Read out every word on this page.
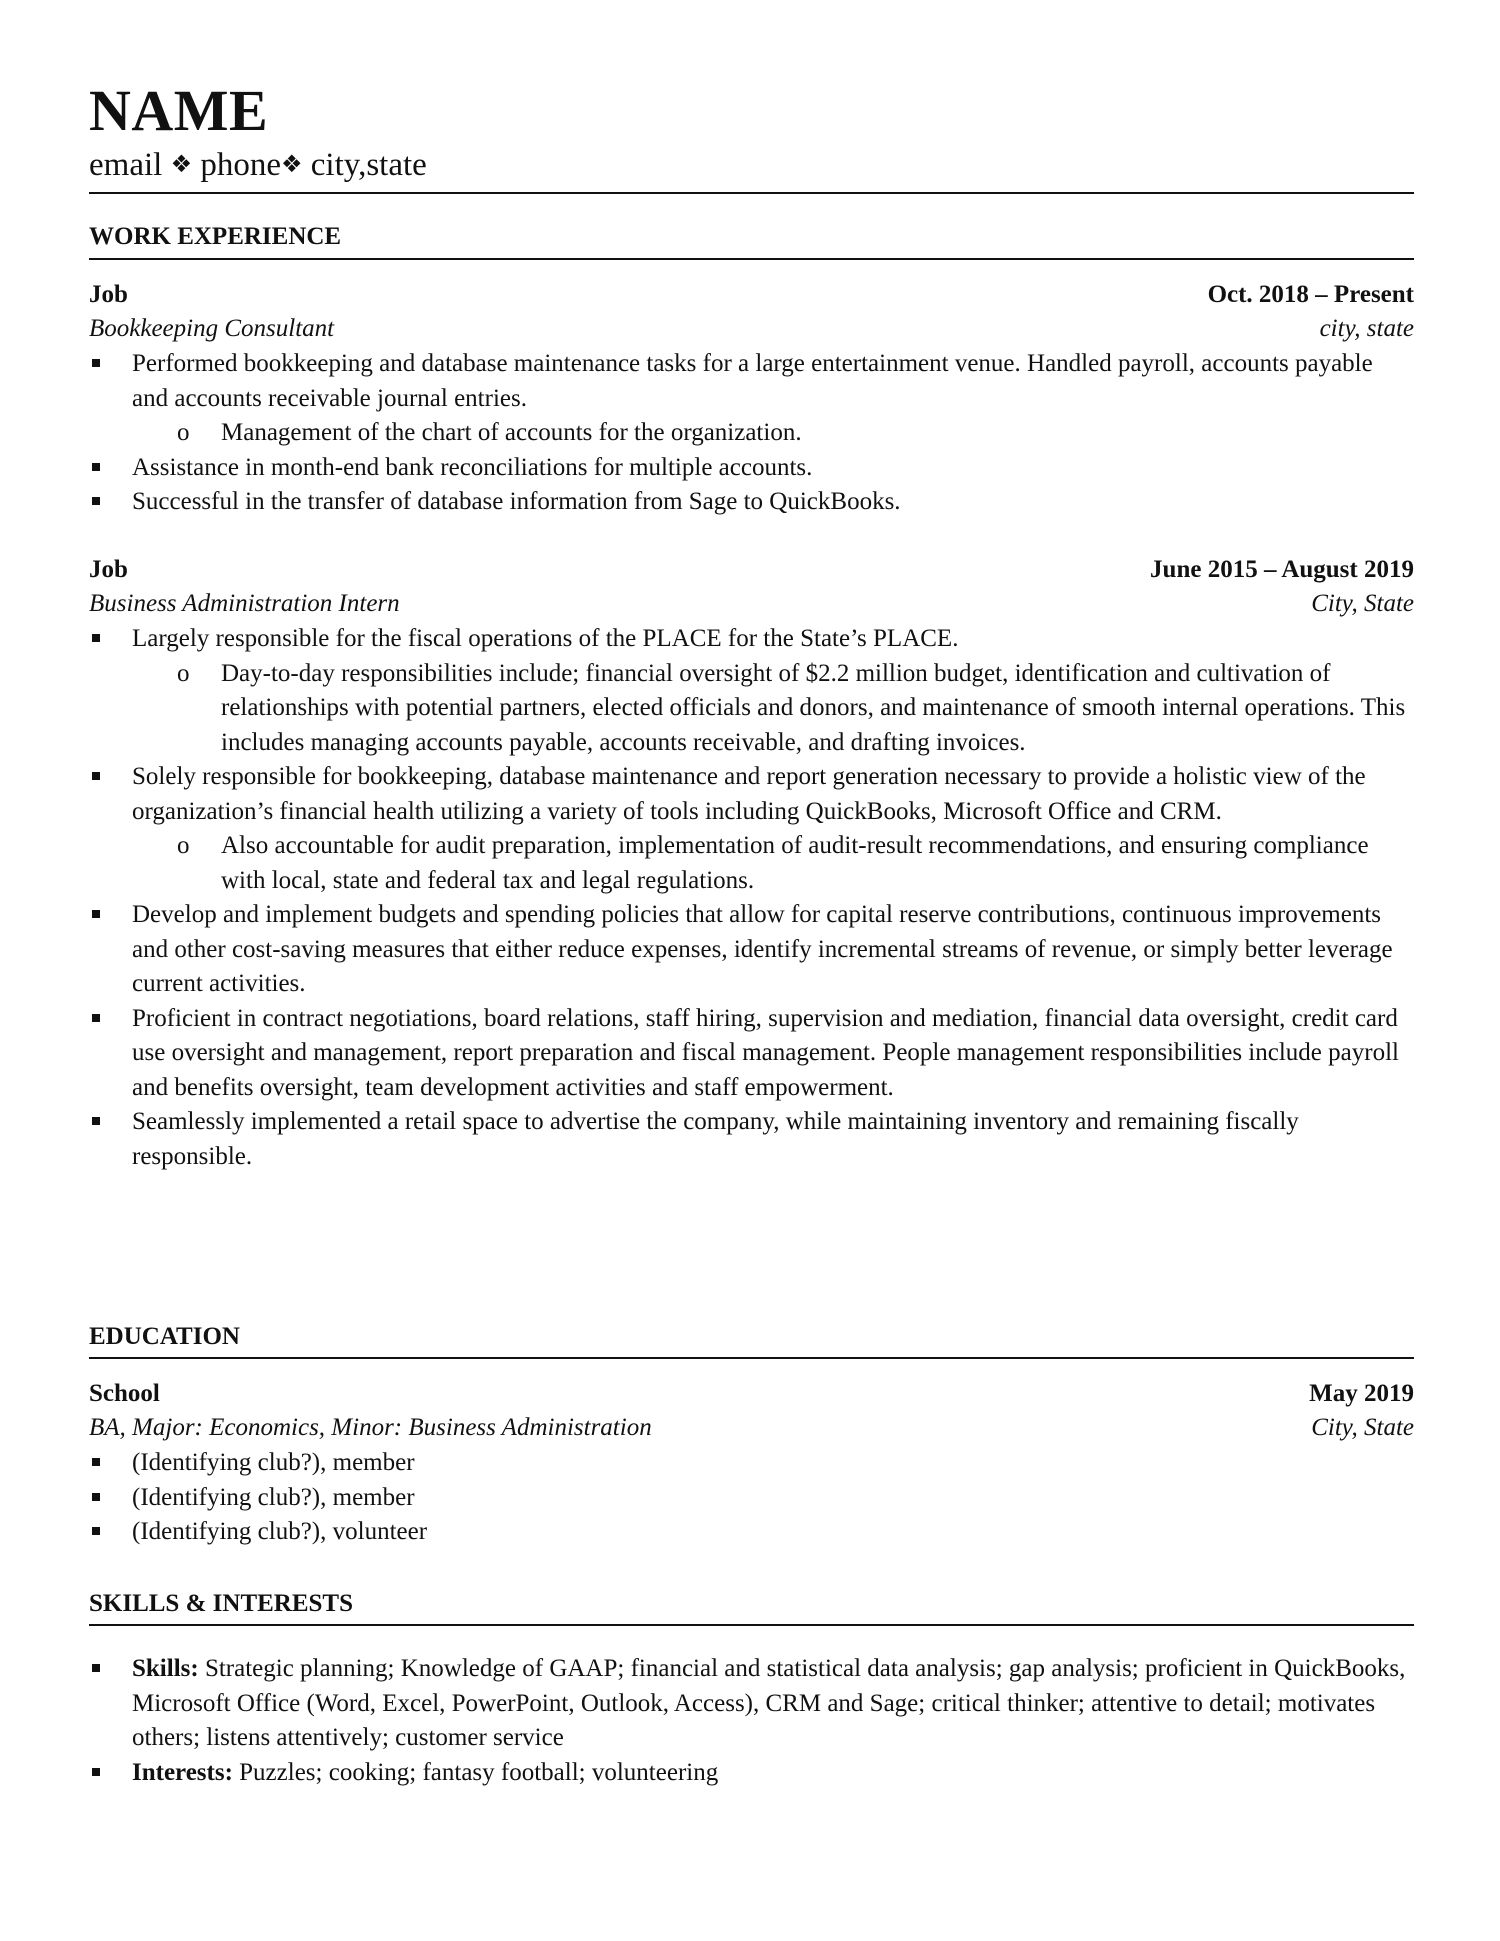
NAME
email ❖ phone❖ city,state
WORK EXPERIENCE
Job	Oct. 2018 – Present
Bookkeeping Consultant	city, state
Performed bookkeeping and database maintenance tasks for a large entertainment venue. Handled payroll, accounts payable and accounts receivable journal entries.
o Management of the chart of accounts for the organization.
Assistance in month-end bank reconciliations for multiple accounts.
Successful in the transfer of database information from Sage to QuickBooks.
Job	June 2015 – August 2019
Business Administration Intern	City, State
Largely responsible for the fiscal operations of the PLACE for the State’s PLACE.
o Day-to-day responsibilities include; financial oversight of $2.2 million budget, identification and cultivation of relationships with potential partners, elected officials and donors, and maintenance of smooth internal operations. This includes managing accounts payable, accounts receivable, and drafting invoices.
Solely responsible for bookkeeping, database maintenance and report generation necessary to provide a holistic view of the organization’s financial health utilizing a variety of tools including QuickBooks, Microsoft Office and CRM.
o Also accountable for audit preparation, implementation of audit-result recommendations, and ensuring compliance with local, state and federal tax and legal regulations.
Develop and implement budgets and spending policies that allow for capital reserve contributions, continuous improvements and other cost-saving measures that either reduce expenses, identify incremental streams of revenue, or simply better leverage current activities.
Proficient in contract negotiations, board relations, staff hiring, supervision and mediation, financial data oversight, credit card use oversight and management, report preparation and fiscal management. People management responsibilities include payroll and benefits oversight, team development activities and staff empowerment.
Seamlessly implemented a retail space to advertise the company, while maintaining inventory and remaining fiscally responsible.
EDUCATION
School	May 2019
BA, Major: Economics, Minor: Business Administration	City, State
(Identifying club?), member
(Identifying club?), member
(Identifying club?), volunteer
SKILLS & INTERESTS
Skills: Strategic planning; Knowledge of GAAP; financial and statistical data analysis; gap analysis; proficient in QuickBooks, Microsoft Office (Word, Excel, PowerPoint, Outlook, Access), CRM and Sage; critical thinker; attentive to detail; motivates others; listens attentively; customer service
Interests: Puzzles; cooking; fantasy football; volunteering
